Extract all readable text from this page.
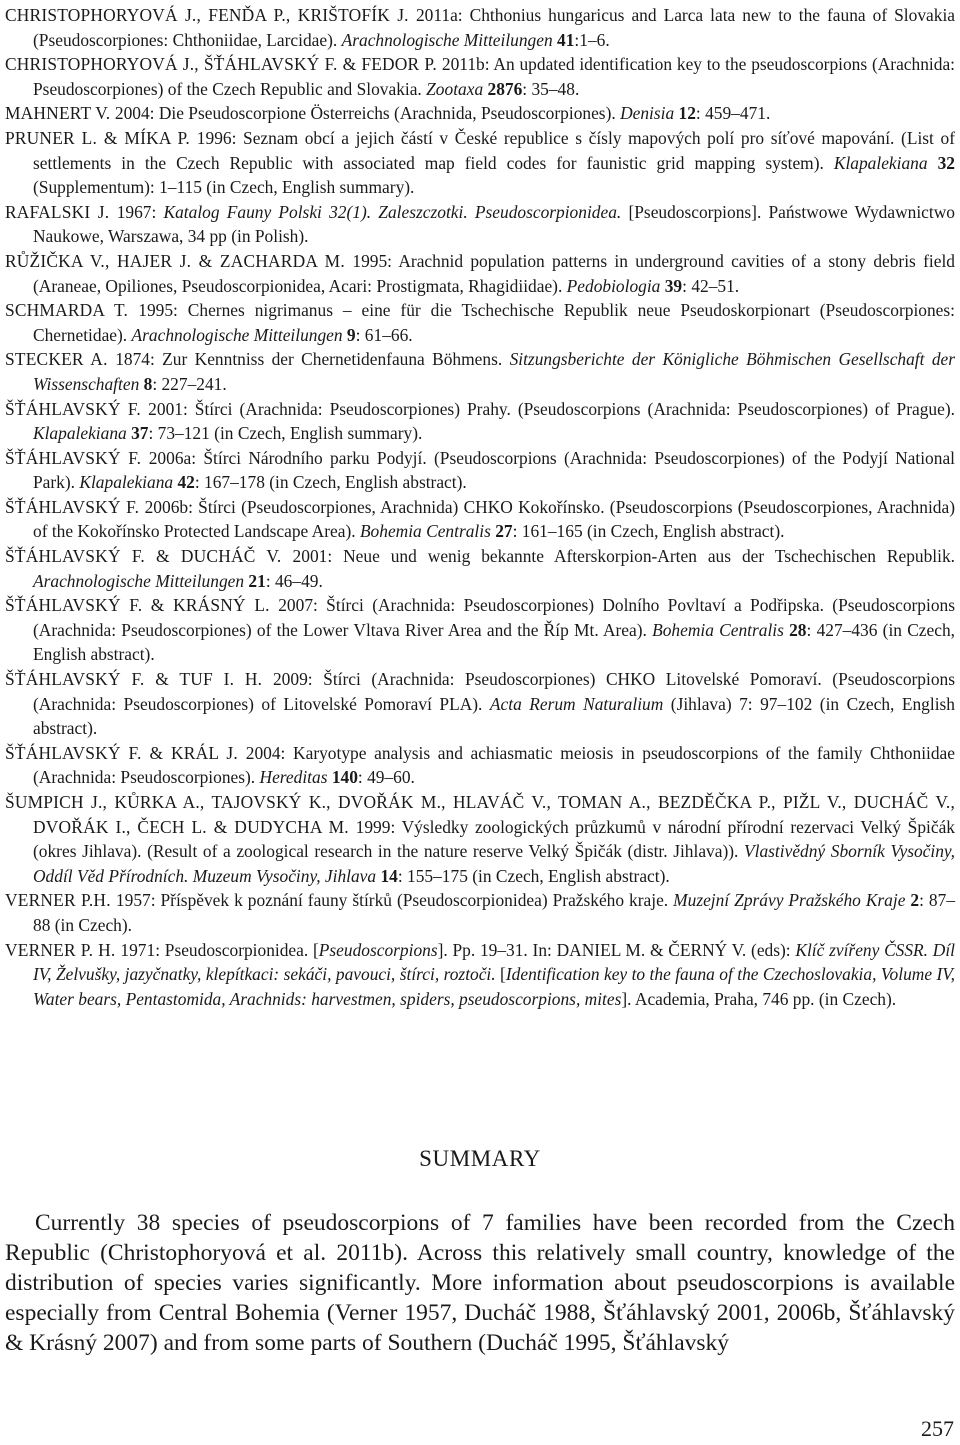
CHRISTOPHORYOVÁ J., FENĎA P., KRIŠTOFÍK J. 2011a: Chthonius hungaricus and Larca lata new to the fauna of Slovakia (Pseudoscorpiones: Chthoniidae, Larcidae). Arachnologische Mitteilungen 41:1–6.

CHRISTOPHORYOVÁ J., ŠŤÁHLAVSKÝ F. & FEDOR P. 2011b: An updated identification key to the pseudoscorpions (Arachnida: Pseudoscorpiones) of the Czech Republic and Slovakia. Zootaxa 2876: 35–48.

MAHNERT V. 2004: Die Pseudoscorpione Österreichs (Arachnida, Pseudoscorpiones). Denisia 12: 459–471.

PRUNER L. & MÍKA P. 1996: Seznam obcí a jejich částí v České republice s čísly mapových polí pro síťové mapování. (List of settlements in the Czech Republic with associated map field codes for faunistic grid mapping system). Klapalekiana 32 (Supplementum): 1–115 (in Czech, English summary).

RAFALSKI J. 1967: Katalog Fauny Polski 32(1). Zaleszczotki. Pseudoscorpionidea. [Pseudoscorpions]. Państwowe Wydawnictwo Naukowe, Warszawa, 34 pp (in Polish).

RŮŽIČKA V., HAJER J. & ZACHARDA M. 1995: Arachnid population patterns in underground cavities of a stony debris field (Araneae, Opiliones, Pseudoscorpionidea, Acari: Prostigmata, Rhagidiidae). Pedobiologia 39: 42–51.

SCHMARDA T. 1995: Chernes nigrimanus – eine für die Tschechische Republik neue Pseudoskorpionart (Pseudoscorpiones: Chernetidae). Arachnologische Mitteilungen 9: 61–66.

STECKER A. 1874: Zur Kenntniss der Chernetidenfauna Böhmens. Sitzungsberichte der Königliche Böhmischen Gesellschaft der Wissenschaften 8: 227–241.

ŠŤÁHLAVSKÝ F. 2001: Štírci (Arachnida: Pseudoscorpiones) Prahy. (Pseudoscorpions (Arachnida: Pseudoscorpiones) of Prague). Klapalekiana 37: 73–121 (in Czech, English summary).

ŠŤÁHLAVSKÝ F. 2006a: Štírci Národního parku Podyjí. (Pseudoscorpions (Arachnida: Pseudoscorpiones) of the Podyjí National Park). Klapalekiana 42: 167–178 (in Czech, English abstract).

ŠŤÁHLAVSKÝ F. 2006b: Štírci (Pseudoscorpiones, Arachnida) CHKO Kokořínsko. (Pseudoscorpions (Pseudoscorpiones, Arachnida) of the Kokořínsko Protected Landscape Area). Bohemia Centralis 27: 161–165 (in Czech, English abstract).

ŠŤÁHLAVSKÝ F. & DUCHÁČ V. 2001: Neue und wenig bekannte Afterskorpion-Arten aus der Tschechischen Republik. Arachnologische Mitteilungen 21: 46–49.

ŠŤÁHLAVSKÝ F. & KRÁSNÝ L. 2007: Štírci (Arachnida: Pseudoscorpiones) Dolního Povltaví a Podřipska. (Pseudoscorpions (Arachnida: Pseudoscorpiones) of the Lower Vltava River Area and the Říp Mt. Area). Bohemia Centralis 28: 427–436 (in Czech, English abstract).

ŠŤÁHLAVSKÝ F. & TUF I. H. 2009: Štírci (Arachnida: Pseudoscorpiones) CHKO Litovelské Pomoraví. (Pseudoscorpions (Arachnida: Pseudoscorpiones) of Litovelské Pomoraví PLA). Acta Rerum Naturalium (Jihlava) 7: 97–102 (in Czech, English abstract).

ŠŤÁHLAVSKÝ F. & KRÁL J. 2004: Karyotype analysis and achiasmatic meiosis in pseudoscorpions of the family Chthoniidae (Arachnida: Pseudoscorpiones). Hereditas 140: 49–60.

ŠUMPICH J., KŮRKA A., TAJOVSKÝ K., DVOŘÁK M., HLAVÁČ V., TOMAN A., BEZDĚČKA P., PIŽL V., DUCHÁČ V., DVOŘÁK I., ČECH L. & DUDYCHA M. 1999: Výsledky zoologických průzkumů v národní přírodní rezervaci Velký Špičák (okres Jihlava). (Result of a zoological research in the nature reserve Velký Špičák (distr. Jihlava)). Vlastivědný Sborník Vysočiny, Oddíl Věd Přírodních. Muzeum Vysočiny, Jihlava 14: 155–175 (in Czech, English abstract).

VERNER P.H. 1957: Příspěvek k poznání fauny štírků (Pseudoscorpionidea) Pražského kraje. Muzejní Zprávy Pražského Kraje 2: 87–88 (in Czech).

VERNER P. H. 1971: Pseudoscorpionidea. [Pseudoscorpions]. Pp. 19–31. In: DANIEL M. & ČERNÝ V. (eds): Klíč zvířeny ČSSR. Díl IV, Želvušky, jazyčnatky, klepítkaci: sekáči, pavouci, štírci, roztoči. [Identification key to the fauna of the Czechoslovakia, Volume IV, Water bears, Pentastomida, Arachnids: harvestmen, spiders, pseudoscorpions, mites]. Academia, Praha, 746 pp. (in Czech).

SUMMARY

Currently 38 species of pseudoscorpions of 7 families have been recorded from the Czech Republic (Christophoryová et al. 2011b). Across this relatively small country, knowledge of the distribution of species varies significantly. More information about pseudoscorpions is available especially from Central Bohemia (Verner 1957, Ducháč 1988, Šťáhlavský 2001, 2006b, Šťáhlavský & Krásný 2007) and from some parts of Southern (Ducháč 1995, Šťáhlavský

257
